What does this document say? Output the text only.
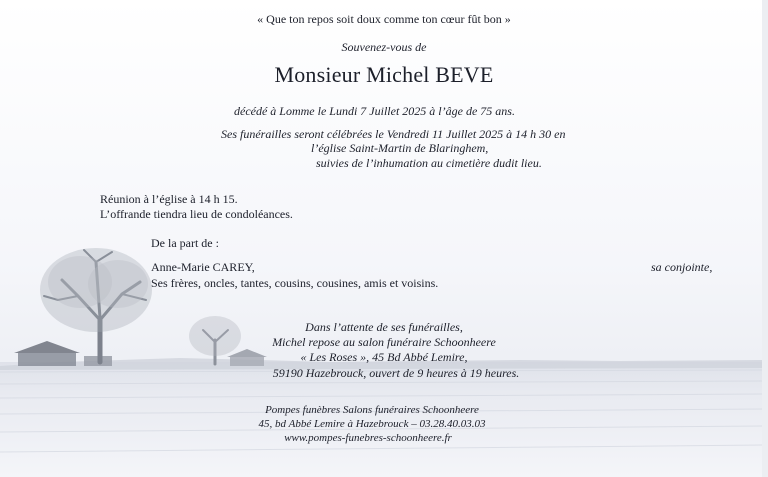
« Que ton repos soit doux comme ton cœur fût bon »
Souvenez-vous de
Monsieur Michel BEVE
décédé à Lomme le Lundi 7 Juillet 2025 à l’âge de 75 ans.
Ses funérailles seront célébrées le Vendredi 11 Juillet 2025 à 14 h 30 en
l’église Saint-Martin de Blaringhem,
suivies de l’inhumation au cimetière dudit lieu.
Réunion à l’église à 14 h 15.
L’offrande tiendra lieu de condoléances.
De la part de :
Anne-Marie CAREY,	sa conjointe,
Ses frères, oncles, tantes, cousins, cousines, amis et voisins.
Dans l’attente de ses funérailles,
Michel repose au salon funéraire Schoonheere
« Les Roses », 45 Bd Abbé Lemire,
59190 Hazebrouck, ouvert de 9 heures à 19 heures.
Pompes funèbres Salons funéraires Schoonheere
45, bd Abbé Lemire à Hazebrouck – 03.28.40.03.03
www.pompes-funebres-schoonheere.fr
